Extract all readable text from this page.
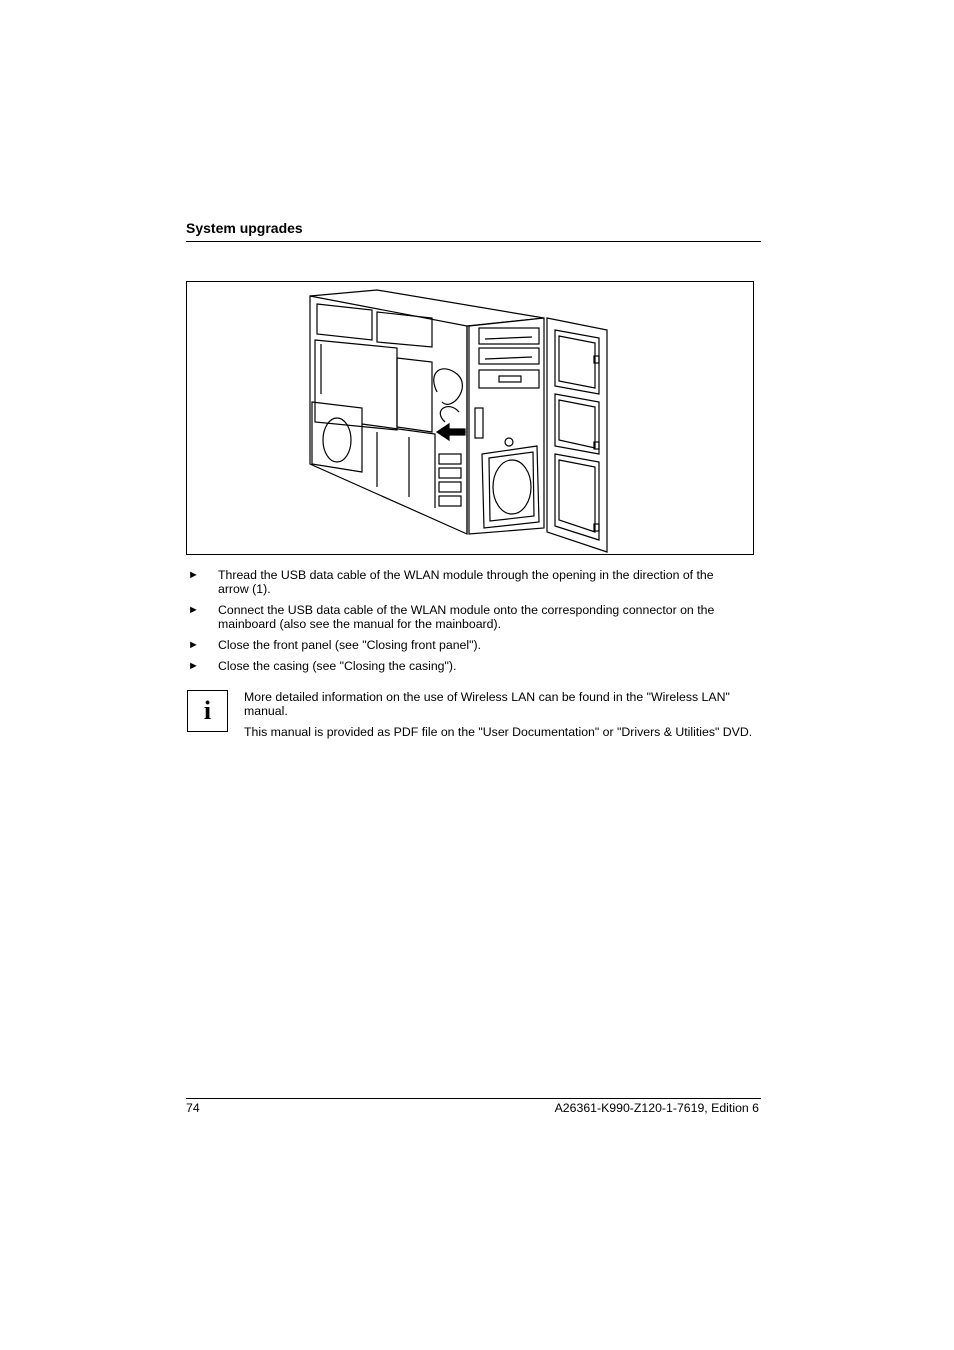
System upgrades
► Thread the USB data cable of the WLAN module through the opening in the direction of the arrow (1).
► Connect the USB data cable of the WLAN module onto the corresponding connector on the mainboard (also see the manual for the mainboard).
► Close the front panel (see "Closing front panel").
► Close the casing (see "Closing the casing").
i	More detailed information on the use of Wireless LAN can be found in the "Wireless LAN" manual.

This manual is provided as PDF file on the "User Documentation" or "Drivers & Utilities" DVD.

74	A26361-K990-Z120-1-7619, Edition 6
